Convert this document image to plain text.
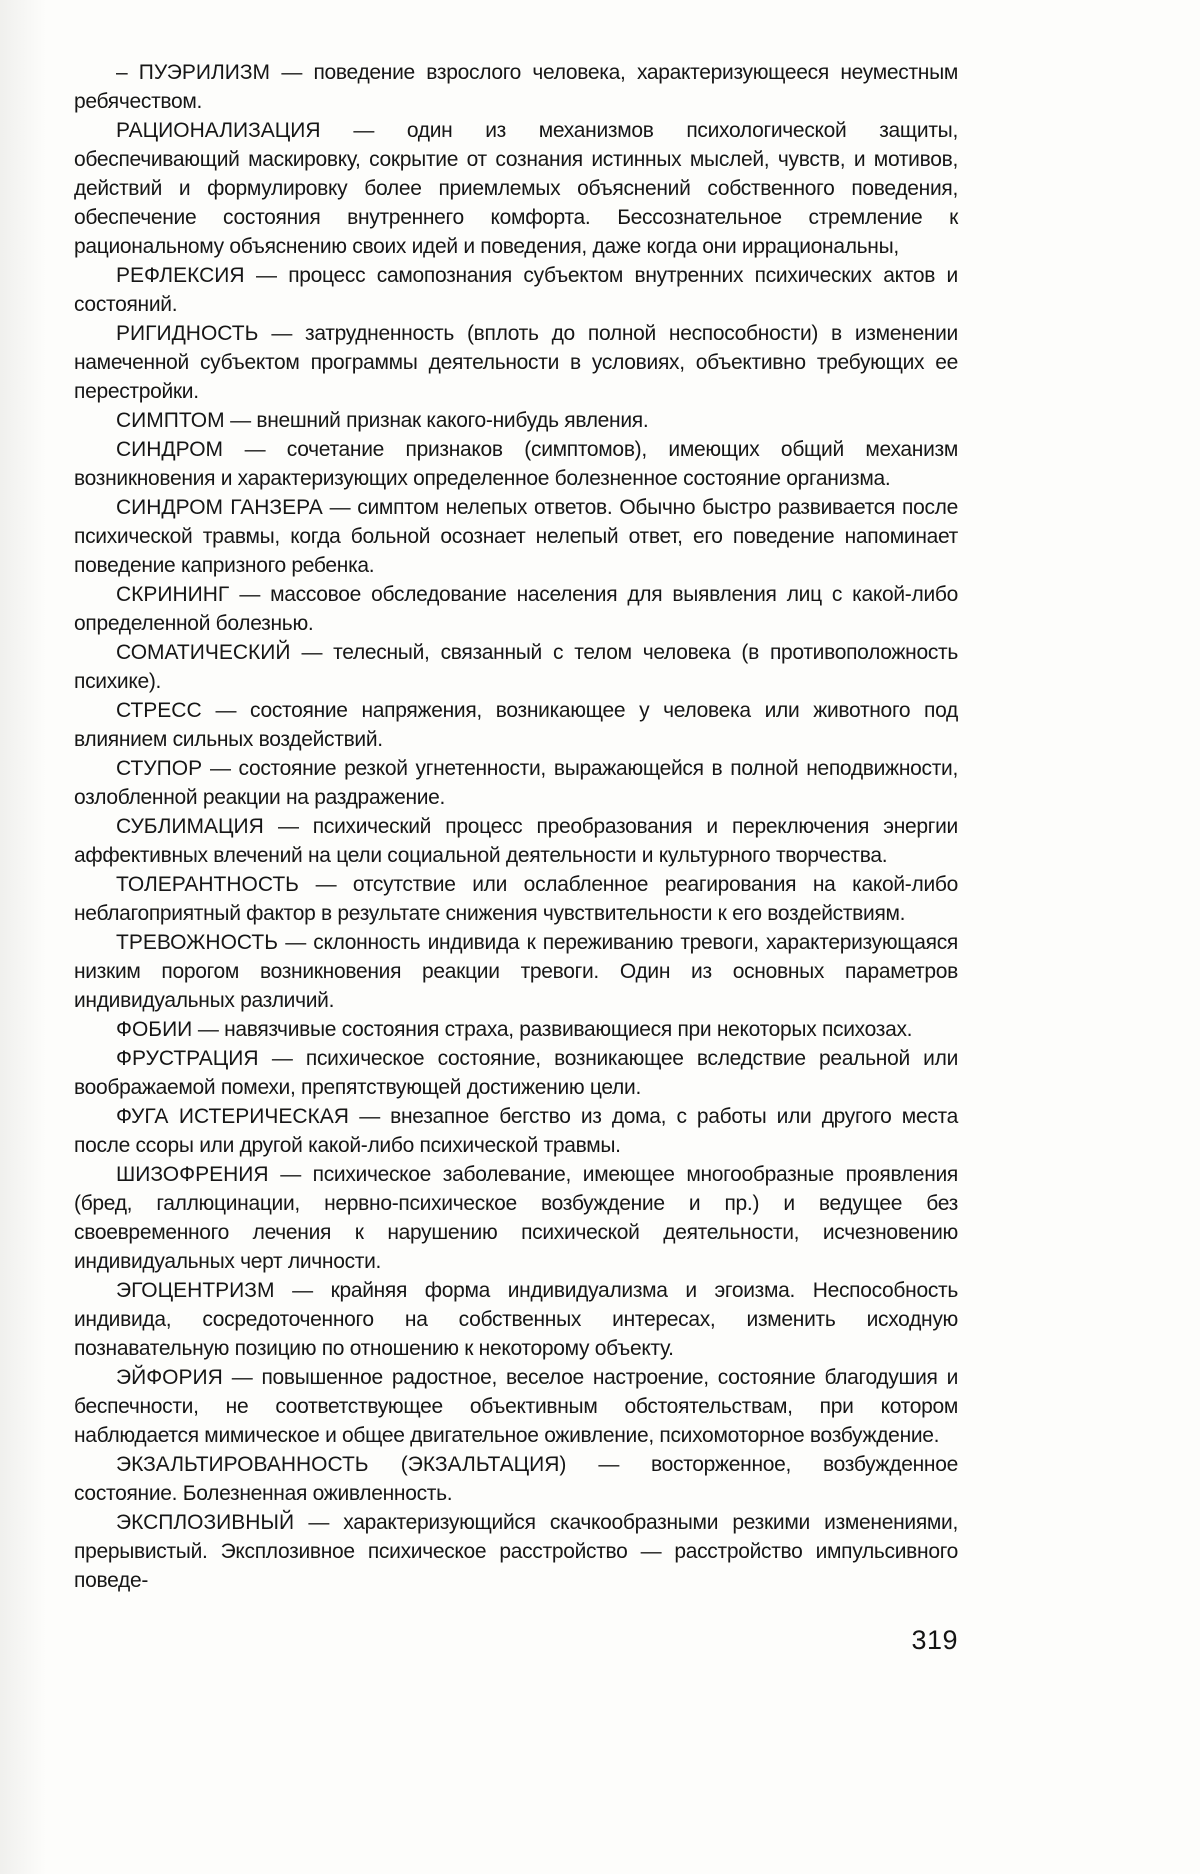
– ПУЭРИЛИЗМ — поведение взрослого человека, характеризующееся неуместным ребячеством.

РАЦИОНАЛИЗАЦИЯ — один из механизмов психологической защиты, обеспечивающий маскировку, сокрытие от сознания истинных мыслей, чувств, и мотивов, действий и формулировку более приемлемых объяснений собственного поведения, обеспечение состояния внутреннего комфорта. Бессознательное стремление к рациональному объяснению своих идей и поведения, даже когда они иррациональны,

РЕФЛЕКСИЯ — процесс самопознания субъектом внутренних психических актов и состояний.

РИГИДНОСТЬ — затрудненность (вплоть до полной неспособности) в изменении намеченной субъектом программы деятельности в условиях, объективно требующих ее перестройки.

СИМПТОМ — внешний признак какого-нибудь явления.

СИНДРОМ — сочетание признаков (симптомов), имеющих общий механизм возникновения и характеризующих определенное болезненное состояние организма.

СИНДРОМ ГАНЗЕРА — симптом нелепых ответов. Обычно быстро развивается после психической травмы, когда больной осознает нелепый ответ, его поведение напоминает поведение капризного ребенка.

СКРИНИНГ — массовое обследование населения для выявления лиц с какой-либо определенной болезнью.

СОМАТИЧЕСКИЙ — телесный, связанный с телом человека (в противоположность психике).

СТРЕСС — состояние напряжения, возникающее у человека или животного под влиянием сильных воздействий.

СТУПОР — состояние резкой угнетенности, выражающейся в полной неподвижности, озлобленной реакции на раздражение.

СУБЛИМАЦИЯ — психический процесс преобразования и переключения энергии аффективных влечений на цели социальной деятельности и культурного творчества.

ТОЛЕРАНТНОСТЬ — отсутствие или ослабленное реагирования на какой-либо неблагоприятный фактор в результате снижения чувствительности к его воздействиям.

ТРЕВОЖНОСТЬ — склонность индивида к переживанию тревоги, характеризующаяся низким порогом возникновения реакции тревоги. Один из основных параметров индивидуальных различий.

ФОБИИ — навязчивые состояния страха, развивающиеся при некоторых психозах.

ФРУСТРАЦИЯ — психическое состояние, возникающее вследствие реальной или воображаемой помехи, препятствующей достижению цели.

ФУГА ИСТЕРИЧЕСКАЯ — внезапное бегство из дома, с работы или другого места после ссоры или другой какой-либо психической травмы.

ШИЗОФРЕНИЯ — психическое заболевание, имеющее многообразные проявления (бред, галлюцинации, нервно-психическое возбуждение и пр.) и ведущее без своевременного лечения к нарушению психической деятельности, исчезновению индивидуальных черт личности.

ЭГОЦЕНТРИЗМ — крайняя форма индивидуализма и эгоизма. Неспособность индивида, сосредоточенного на собственных интересах, изменить исходную познавательную позицию по отношению к некоторому объекту.

ЭЙФОРИЯ — повышенное радостное, веселое настроение, состояние благодушия и беспечности, не соответствующее объективным обстоятельствам, при котором наблюдается мимическое и общее двигательное оживление, психомоторное возбуждение.

ЭКЗАЛЬТИРОВАННОСТЬ (ЭКЗАЛЬТАЦИЯ) — восторженное, возбужденное состояние. Болезненная оживленность.

ЭКСПЛОЗИВНЫЙ — характеризующийся скачкообразными резкими изменениями, прерывистый. Эксплозивное психическое расстройство — расстройство импульсивного поведе-

319
